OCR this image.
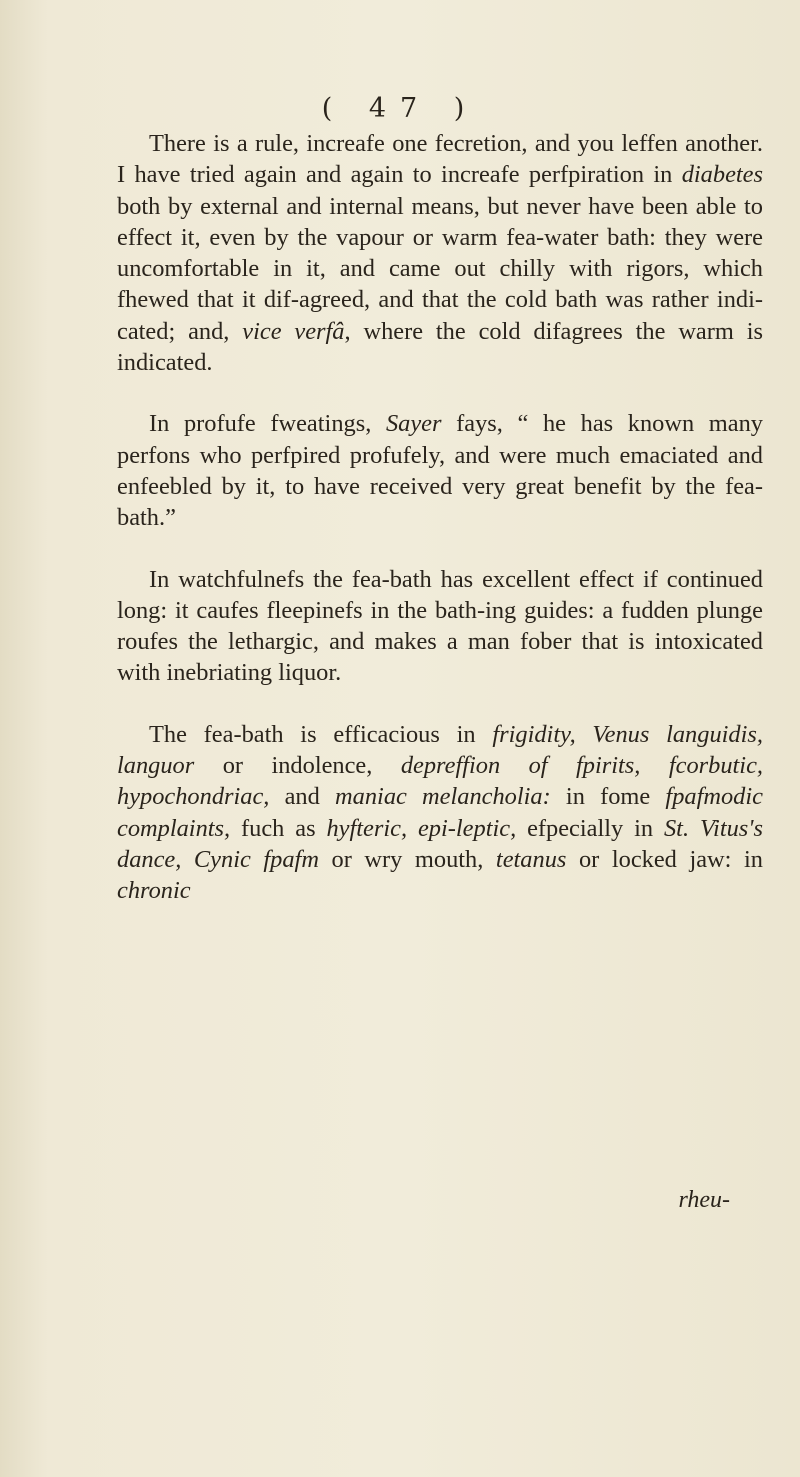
( 47 )

There is a rule, increafe one fecretion, and you leffen another. I have tried again and again to increafe perfpiration in diabetes both by external and internal means, but never have been able to effect it, even by the vapour or warm fea-water bath: they were uncomfortable in it, and came out chilly with rigors, which fhewed that it dif-agreed, and that the cold bath was rather indi-cated; and, vice verfâ, where the cold difagrees the warm is indicated.

In profufe fweatings, Sayer fays, “ he has known many perfons who perfpired profufely, and were much emaciated and enfeebled by it, to have received very great benefit by the fea-bath.”

In watchfulnefs the fea-bath has excellent effect if continued long: it caufes fleepinefs in the bath-ing guides: a fudden plunge roufes the lethargic, and makes a man fober that is intoxicated with inebriating liquor.

The fea-bath is efficacious in frigidity, Venus languidis, languor or indolence, depreffion of fpirits, fcorbutic, hypochondriac, and maniac melancholia: in fome fpafmodic complaints, fuch as hyfteric, epi-leptic, efpecially in St. Vitus's dance, Cynic fpafm or wry mouth, tetanus or locked jaw: in chronic

rheu-
